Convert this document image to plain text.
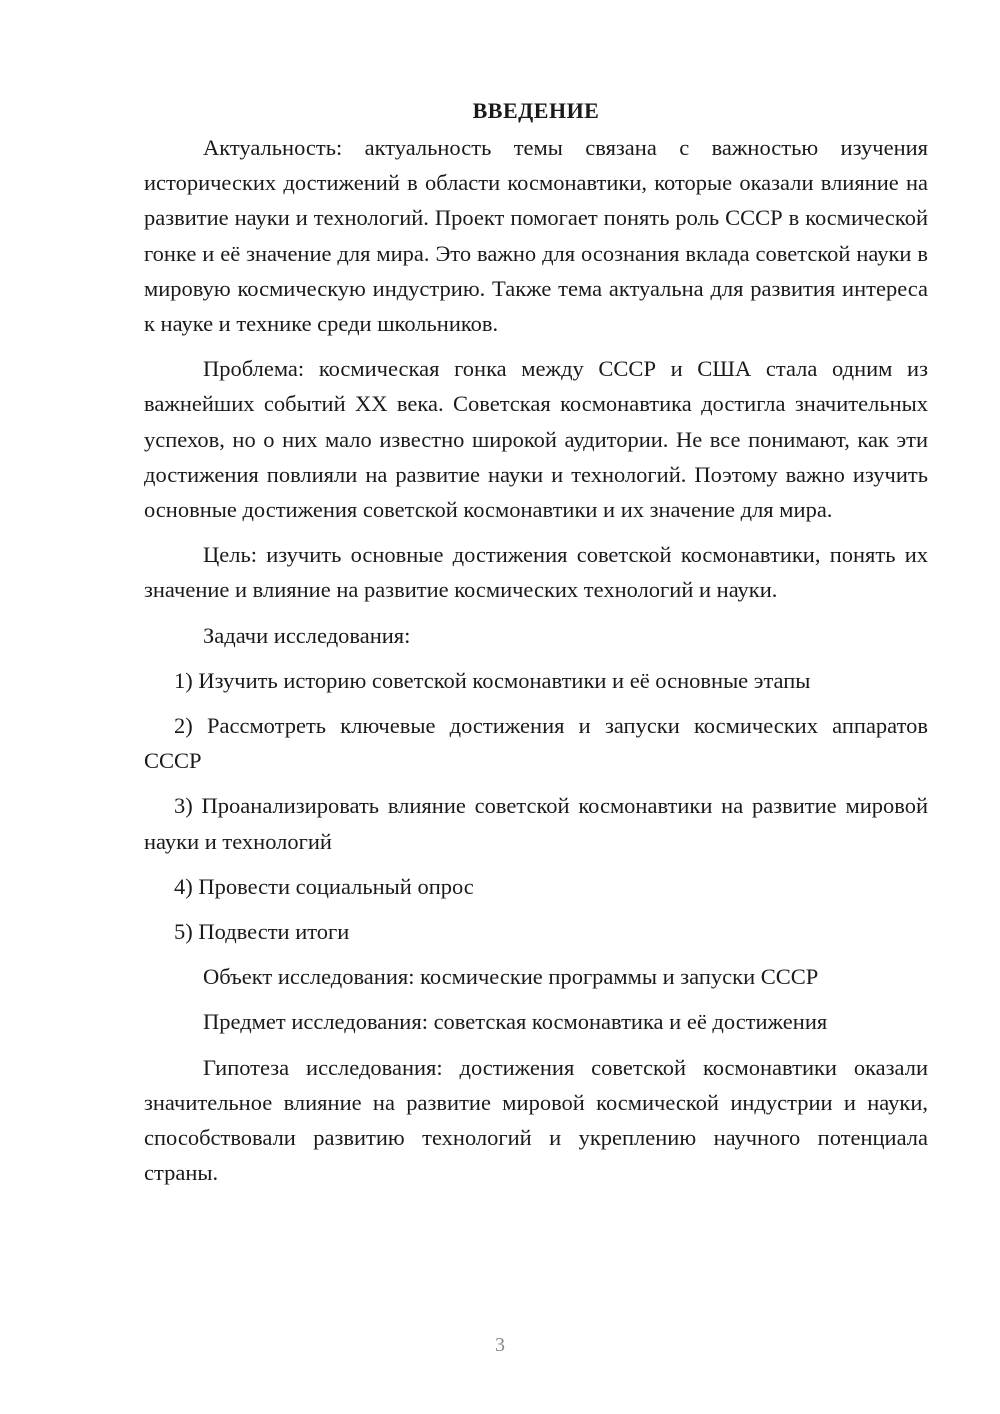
ВВЕДЕНИЕ

Актуальность: актуальность темы связана с важностью изучения исторических достижений в области космонавтики, которые оказали влияние на развитие науки и технологий. Проект помогает понять роль СССР в космической гонке и её значение для мира. Это важно для осознания вклада советской науки в мировую космическую индустрию. Также тема актуальна для развития интереса к науке и технике среди школьников.

Проблема: космическая гонка между СССР и США стала одним из важнейших событий XX века. Советская космонавтика достигла значительных успехов, но о них мало известно широкой аудитории. Не все понимают, как эти достижения повлияли на развитие науки и технологий. Поэтому важно изучить основные достижения советской космонавтики и их значение для мира.

Цель: изучить основные достижения советской космонавтики, понять их значение и влияние на развитие космических технологий и науки.

Задачи исследования:

1) Изучить историю советской космонавтики и её основные этапы

2) Рассмотреть ключевые достижения и запуски космических аппаратов СССР

3) Проанализировать влияние советской космонавтики на развитие мировой науки и технологий

4) Провести социальный опрос

5) Подвести итоги

Объект исследования: космические программы и запуски СССР

Предмет исследования: советская космонавтика и её достижения

Гипотеза исследования: достижения советской космонавтики оказали значительное влияние на развитие мировой космической индустрии и науки, способствовали развитию технологий и укреплению научного потенциала страны.

3
